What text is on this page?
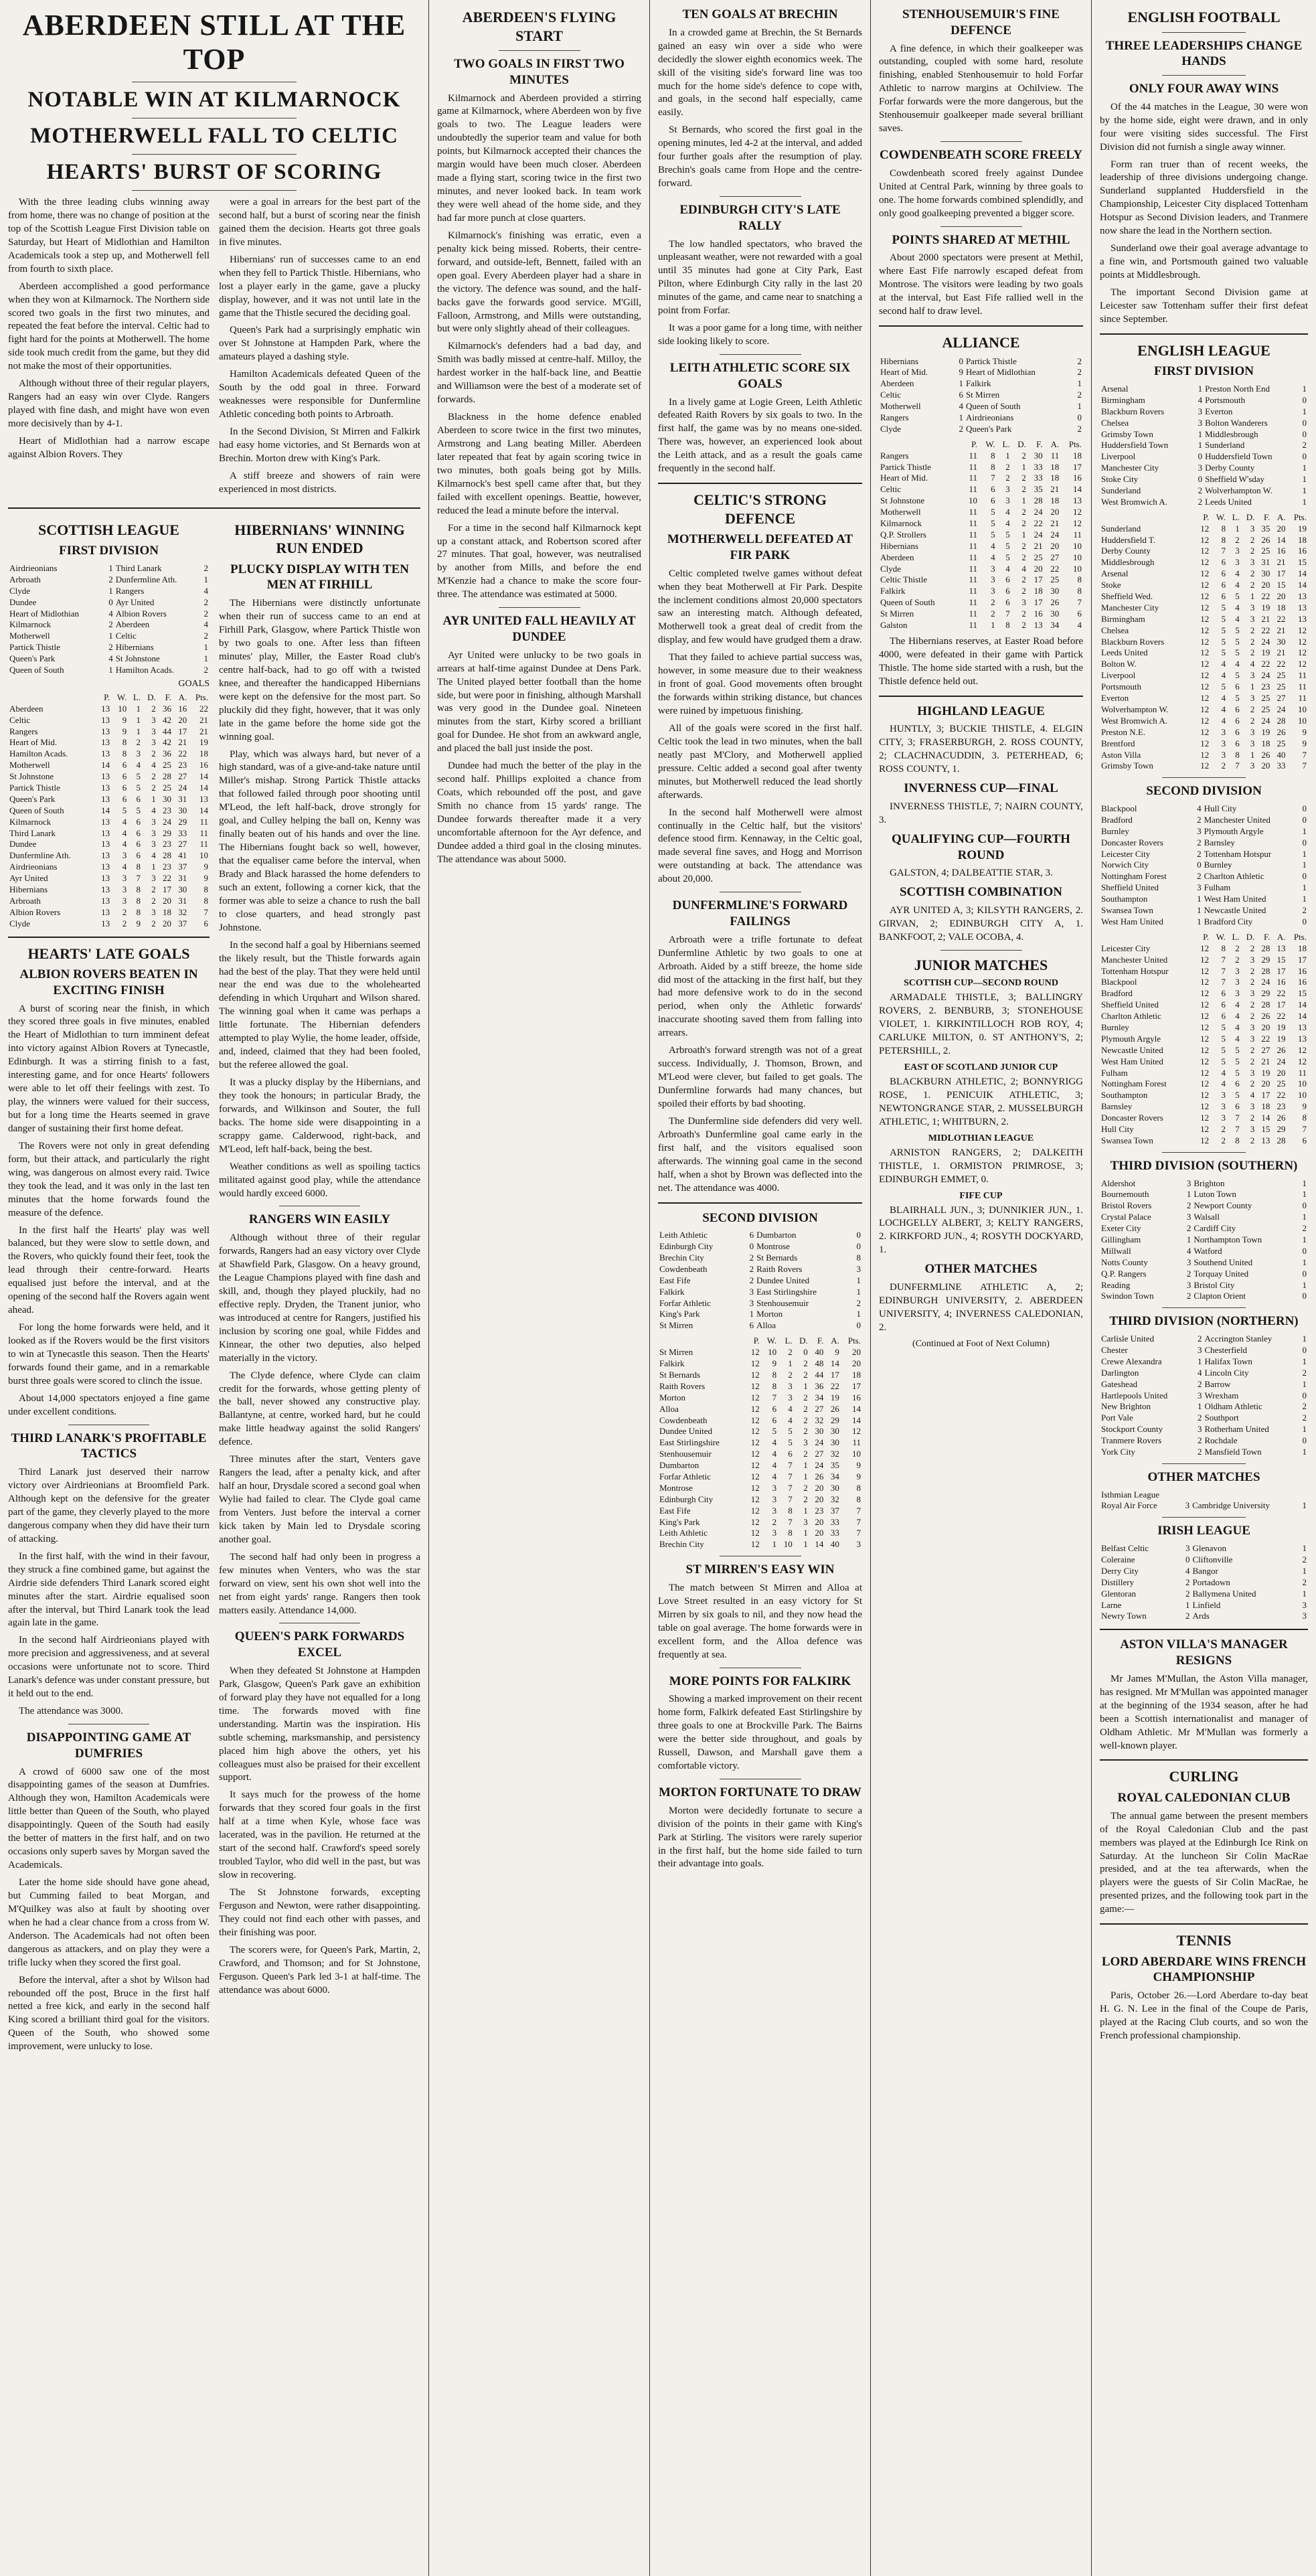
ABERDEEN STILL AT THE TOP
NOTABLE WIN AT KILMARNOCK
MOTHERWELL FALL TO CELTIC
HEARTS' BURST OF SCORING

With the three leading clubs winning away from home, there was no change of position at the top of the Scottish League First Division table on Saturday, but Heart of Midlothian and Hamilton Academicals took a step up, and Motherwell fell from fourth to sixth place.

Aberdeen accomplished a good performance when they won at Kilmarnock. The Northern side scored two goals in the first two minutes, and repeated the feat before the interval. Celtic had to fight hard for the points at Motherwell. The home side took much credit from the game, but they did not make the most of their opportunities.

Although without three of their regular players, Rangers had an easy win over Clyde. Rangers played with fine dash, and might have won even more decisively than by 4-1.

Heart of Midlothian had a narrow escape against Albion Rovers. They

were a goal in arrears for the best part of the second half, but a burst of scoring near the finish gained them the decision. Hearts got three goals in five minutes.

Hibernians' run of successes came to an end when they fell to Partick Thistle. Hibernians, who lost a player early in the game, gave a plucky display, however, and it was not until late in the game that the Thistle secured the deciding goal.

Queen's Park had a surprisingly emphatic win over St Johnstone at Hampden Park, where the amateurs played a dashing style.

Hamilton Academicals defeated Queen of the South by the odd goal in three. Forward weaknesses were responsible for Dunfermline Athletic conceding both points to Arbroath.

In the Second Division, St Mirren and Falkirk had easy home victories, and St Bernards won at Brechin. Morton drew with King's Park.

A stiff breeze and showers of rain were experienced in most districts.

SCOTTISH LEAGUE
FIRST DIVISION
Airdrieonians	1	Third Lanark	2
Arbroath	2	Dunfermline Ath.	1
Clyde	1	Rangers	4
Dundee	0	Ayr United	2
Heart of Midlothian	4	Albion Rovers	2
Kilmarnock	2	Aberdeen	4
Motherwell	1	Celtic	2
Partick Thistle	2	Hibernians	1
Queen's Park	4	St Johnstone	1
Queen of South	1	Hamilton Acads.	2
GOALS
	P.	W.	L.	D.	F.	A.	Pts.
Aberdeen	13	10	1	2	36	16	22
Celtic	13	9	1	3	42	20	21
Rangers	13	9	1	3	44	17	21
Heart of Mid.	13	8	2	3	42	21	19
Hamilton Acads.	13	8	3	2	36	22	18
Motherwell	14	6	4	4	25	23	16
St Johnstone	13	6	5	2	28	27	14
Partick Thistle	13	6	5	2	25	24	14
Queen's Park	13	6	6	1	30	31	13
Queen of South	14	5	5	4	23	30	14
Kilmarnock	13	4	6	3	24	29	11
Third Lanark	13	4	6	3	29	33	11
Dundee	13	4	6	3	23	27	11
Dunfermline Ath.	13	3	6	4	28	41	10
Airdrieonians	13	4	8	1	23	37	9
Ayr United	13	3	7	3	22	31	9
Hibernians	13	3	8	2	17	30	8
Arbroath	13	3	8	2	20	31	8
Albion Rovers	13	2	8	3	18	32	7
Clyde	13	2	9	2	20	37	6
HEARTS' LATE GOALS
ALBION ROVERS BEATEN IN EXCITING FINISH

A burst of scoring near the finish, in which they scored three goals in five minutes, enabled the Heart of Midlothian to turn imminent defeat into victory against Albion Rovers at Tynecastle, Edinburgh. It was a stirring finish to a fast, interesting game, and for once Hearts' followers were able to let off their feelings with zest. To play, the winners were valued for their success, but for a long time the Hearts seemed in grave danger of sustaining their first home defeat.

The Rovers were not only in great defending form, but their attack, and particularly the right wing, was dangerous on almost every raid. Twice they took the lead, and it was only in the last ten minutes that the home forwards found the measure of the defence.

In the first half the Hearts' play was well balanced, but they were slow to settle down, and the Rovers, who quickly found their feet, took the lead through their centre-forward. Hearts equalised just before the interval, and at the opening of the second half the Rovers again went ahead.

For long the home forwards were held, and it looked as if the Rovers would be the first visitors to win at Tynecastle this season. Then the Hearts' forwards found their game, and in a remarkable burst three goals were scored to clinch the issue.

About 14,000 spectators enjoyed a fine game under excellent conditions.

THIRD LANARK'S PROFITABLE TACTICS

Third Lanark just deserved their narrow victory over Airdrieonians at Broomfield Park. Although kept on the defensive for the greater part of the game, they cleverly played to the more dangerous company when they did have their turn of attacking.

In the first half, with the wind in their favour, they struck a fine combined game, but against the Airdrie side defenders Third Lanark scored eight minutes after the start. Airdrie equalised soon after the interval, but Third Lanark took the lead again late in the game.

In the second half Airdrieonians played with more precision and aggressiveness, and at several occasions were unfortunate not to score. Third Lanark's defence was under constant pressure, but it held out to the end.

The attendance was 3000.

DISAPPOINTING GAME AT DUMFRIES

A crowd of 6000 saw one of the most disappointing games of the season at Dumfries. Although they won, Hamilton Academicals were little better than Queen of the South, who played disappointingly. Queen of the South had easily the better of matters in the first half, and on two occasions only superb saves by Morgan saved the Academicals.

Later the home side should have gone ahead, but Cumming failed to beat Morgan, and M'Quilkey was also at fault by shooting over when he had a clear chance from a cross from W. Anderson. The Academicals had not often been dangerous as attackers, and on play they were a trifle lucky when they scored the first goal.

Before the interval, after a shot by Wilson had rebounded off the post, Bruce in the first half netted a free kick, and early in the second half King scored a brilliant third goal for the visitors. Queen of the South, who showed some improvement, were unlucky to lose.

HIBERNIANS' WINNING RUN ENDED
PLUCKY DISPLAY WITH TEN MEN AT FIRHILL

The Hibernians were distinctly unfortunate when their run of success came to an end at Firhill Park, Glasgow, where Partick Thistle won by two goals to one. After less than fifteen minutes' play, Miller, the Easter Road club's centre half-back, had to go off with a twisted knee, and thereafter the handicapped Hibernians were kept on the defensive for the most part. So pluckily did they fight, however, that it was only late in the game before the home side got the winning goal.

Play, which was always hard, but never of a high standard, was of a give-and-take nature until Miller's mishap. Strong Partick Thistle attacks that followed failed through poor shooting until M'Leod, the left half-back, drove strongly for goal, and Culley helping the ball on, Kenny was finally beaten out of his hands and over the line. The Hibernians fought back so well, however, that the equaliser came before the interval, when Brady and Black harassed the home defenders to such an extent, following a corner kick, that the former was able to seize a chance to rush the ball to close quarters, and head strongly past Johnstone.

In the second half a goal by Hibernians seemed the likely result, but the Thistle forwards again had the best of the play. That they were held until near the end was due to the wholehearted defending in which Urquhart and Wilson shared. The winning goal when it came was perhaps a little fortunate. The Hibernian defenders attempted to play Wylie, the home leader, offside, and, indeed, claimed that they had been fooled, but the referee allowed the goal.

It was a plucky display by the Hibernians, and they took the honours; in particular Brady, the forwards, and Wilkinson and Souter, the full backs. The home side were disappointing in a scrappy game. Calderwood, right-back, and M'Leod, left half-back, being the best.

Weather conditions as well as spoiling tactics militated against good play, while the attendance would hardly exceed 6000.

RANGERS WIN EASILY

Although without three of their regular forwards, Rangers had an easy victory over Clyde at Shawfield Park, Glasgow. On a heavy ground, the League Champions played with fine dash and skill, and, though they played pluckily, had no effective reply. Dryden, the Tranent junior, who was introduced at centre for Rangers, justified his inclusion by scoring one goal, while Fiddes and Kinnear, the other two deputies, also helped materially in the victory.

The Clyde defence, where Clyde can claim credit for the forwards, whose getting plenty of the ball, never showed any constructive play. Ballantyne, at centre, worked hard, but he could make little headway against the solid Rangers' defence.

Three minutes after the start, Venters gave Rangers the lead, after a penalty kick, and after half an hour, Drysdale scored a second goal when Wylie had failed to clear. The Clyde goal came from Venters. Just before the interval a corner kick taken by Main led to Drysdale scoring another goal.

The second half had only been in progress a few minutes when Venters, who was the star forward on view, sent his own shot well into the net from eight yards' range. Rangers then took matters easily. Attendance 14,000.

QUEEN'S PARK FORWARDS EXCEL

When they defeated St Johnstone at Hampden Park, Glasgow, Queen's Park gave an exhibition of forward play they have not equalled for a long time. The forwards moved with fine understanding. Martin was the inspiration. His subtle scheming, marksmanship, and persistency placed him high above the others, yet his colleagues must also be praised for their excellent support.

It says much for the prowess of the home forwards that they scored four goals in the first half at a time when Kyle, whose face was lacerated, was in the pavilion. He returned at the start of the second half. Crawford's speed sorely troubled Taylor, who did well in the past, but was slow in recovering.

The St Johnstone forwards, excepting Ferguson and Newton, were rather disappointing. They could not find each other with passes, and their finishing was poor.

The scorers were, for Queen's Park, Martin, 2, Crawford, and Thomson; and for St Johnstone, Ferguson. Queen's Park led 3-1 at half-time. The attendance was about 6000.

ABERDEEN'S FLYING START
TWO GOALS IN FIRST TWO MINUTES

Kilmarnock and Aberdeen provided a stirring game at Kilmarnock, where Aberdeen won by five goals to two. The League leaders were undoubtedly the superior team and value for both points, but Kilmarnock accepted their chances the margin would have been much closer. Aberdeen made a flying start, scoring twice in the first two minutes, and never looked back. In team work they were well ahead of the home side, and they had far more punch at close quarters.

Kilmarnock's finishing was erratic, even a penalty kick being missed. Roberts, their centre-forward, and outside-left, Bennett, failed with an open goal. Every Aberdeen player had a share in the victory. The defence was sound, and the half-backs gave the forwards good service. M'Gill, Falloon, Armstrong, and Mills were outstanding, but were only slightly ahead of their colleagues.

Kilmarnock's defenders had a bad day, and Smith was badly missed at centre-half. Milloy, the hardest worker in the half-back line, and Beattie and Williamson were the best of a moderate set of forwards.

Blackness in the home defence enabled Aberdeen to score twice in the first two minutes, Armstrong and Lang beating Miller. Aberdeen later repeated that feat by again scoring twice in two minutes, both goals being got by Mills. Kilmarnock's best spell came after that, but they failed with excellent openings. Beattie, however, reduced the lead a minute before the interval.

For a time in the second half Kilmarnock kept up a constant attack, and Robertson scored after 27 minutes. That goal, however, was neutralised by another from Mills, and before the end M'Kenzie had a chance to make the score four-three. The attendance was estimated at 5000.

AYR UNITED FALL HEAVILY AT DUNDEE

Ayr United were unlucky to be two goals in arrears at half-time against Dundee at Dens Park. The United played better football than the home side, but were poor in finishing, although Marshall was very good in the Dundee goal. Nineteen minutes from the start, Kirby scored a brilliant goal for Dundee. He shot from an awkward angle, and placed the ball just inside the post.

Dundee had much the better of the play in the second half. Phillips exploited a chance from Coats, which rebounded off the post, and gave Smith no chance from 15 yards' range. The Dundee forwards thereafter made it a very uncomfortable afternoon for the Ayr defence, and Dundee added a third goal in the closing minutes. The attendance was about 5000.

TEN GOALS AT BRECHIN

In a crowded game at Brechin, the St Bernards gained an easy win over a side who were decidedly the slower eighth economics week. The skill of the visiting side's forward line was too much for the home side's defence to cope with, and goals, in the second half especially, came easily.

St Bernards, who scored the first goal in the opening minutes, led 4-2 at the interval, and added four further goals after the resumption of play. Brechin's goals came from Hope and the centre-forward.

EDINBURGH CITY'S LATE RALLY

The low handled spectators, who braved the unpleasant weather, were not rewarded with a goal until 35 minutes had gone at City Park, East Pilton, where Edinburgh City rally in the last 20 minutes of the game, and came near to snatching a point from Forfar.

It was a poor game for a long time, with neither side looking likely to score.

LEITH ATHLETIC SCORE SIX GOALS

In a lively game at Logie Green, Leith Athletic defeated Raith Rovers by six goals to two. In the first half, the game was by no means one-sided. There was, however, an experienced look about the Leith attack, and as a result the goals came frequently in the second half.

CELTIC'S STRONG DEFENCE
MOTHERWELL DEFEATED AT FIR PARK

Celtic completed twelve games without defeat when they beat Motherwell at Fir Park. Despite the inclement conditions almost 20,000 spectators saw an interesting match. Although defeated, Motherwell took a great deal of credit from the display, and few would have grudged them a draw.

That they failed to achieve partial success was, however, in some measure due to their weakness in front of goal. Good movements often brought the forwards within striking distance, but chances were ruined by impetuous finishing.

All of the goals were scored in the first half. Celtic took the lead in two minutes, when the ball neatly past M'Clory, and Motherwell applied pressure. Celtic added a second goal after twenty minutes, but Motherwell reduced the lead shortly afterwards.

In the second half Motherwell were almost continually in the Celtic half, but the visitors' defence stood firm. Kennaway, in the Celtic goal, made several fine saves, and Hogg and Morrison were outstanding at back. The attendance was about 20,000.

DUNFERMLINE'S FORWARD FAILINGS

Arbroath were a trifle fortunate to defeat Dunfermline Athletic by two goals to one at Arbroath. Aided by a stiff breeze, the home side did most of the attacking in the first half, but they had more defensive work to do in the second period, when only the Athletic forwards' inaccurate shooting saved them from falling into arrears.

Arbroath's forward strength was not of a great success. Individually, J. Thomson, Brown, and M'Leod were clever, but failed to get goals. The Dunfermline forwards had many chances, but spoiled their efforts by bad shooting.

The Dunfermline side defenders did very well. Arbroath's Dunfermline goal came early in the first half, and the visitors equalised soon afterwards. The winning goal came in the second half, when a shot by Brown was deflected into the net. The attendance was 4000.

SECOND DIVISION
Leith Athletic	6	Dumbarton	0
Edinburgh City	0	Montrose	0
Brechin City	2	St Bernards	8
Cowdenbeath	2	Raith Rovers	3
East Fife	2	Dundee United	1
Falkirk	3	East Stirlingshire	1
Forfar Athletic	3	Stenhousemuir	2
King's Park	1	Morton	1
St Mirren	6	Alloa	0
	P.	W.	L.	D.	F.	A.	Pts.
St Mirren	12	10	2	0	40	9	20
Falkirk	12	9	1	2	48	14	20
St Bernards	12	8	2	2	44	17	18
Raith Rovers	12	8	3	1	36	22	17
Morton	12	7	3	2	34	19	16
Alloa	12	6	4	2	27	26	14
Cowdenbeath	12	6	4	2	32	29	14
Dundee United	12	5	5	2	30	30	12
East Stirlingshire	12	4	5	3	24	30	11
Stenhousemuir	12	4	6	2	27	32	10
Dumbarton	12	4	7	1	24	35	9
Forfar Athletic	12	4	7	1	26	34	9
Montrose	12	3	7	2	20	30	8
Edinburgh City	12	3	7	2	20	32	8
East Fife	12	3	8	1	23	37	7
King's Park	12	2	7	3	20	33	7
Leith Athletic	12	3	8	1	20	33	7
Brechin City	12	1	10	1	14	40	3
ST MIRREN'S EASY WIN

The match between St Mirren and Alloa at Love Street resulted in an easy victory for St Mirren by six goals to nil, and they now head the table on goal average. The home forwards were in excellent form, and the Alloa defence was frequently at sea.

MORE POINTS FOR FALKIRK

Showing a marked improvement on their recent home form, Falkirk defeated East Stirlingshire by three goals to one at Brockville Park. The Bairns were the better side throughout, and goals by Russell, Dawson, and Marshall gave them a comfortable victory.

MORTON FORTUNATE TO DRAW

Morton were decidedly fortunate to secure a division of the points in their game with King's Park at Stirling. The visitors were rarely superior in the first half, but the home side failed to turn their advantage into goals.

STENHOUSEMUIR'S FINE DEFENCE

A fine defence, in which their goalkeeper was outstanding, coupled with some hard, resolute finishing, enabled Stenhousemuir to hold Forfar Athletic to narrow margins at Ochilview. The Forfar forwards were the more dangerous, but the Stenhousemuir goalkeeper made several brilliant saves.

COWDENBEATH SCORE FREELY

Cowdenbeath scored freely against Dundee United at Central Park, winning by three goals to one. The home forwards combined splendidly, and only good goalkeeping prevented a bigger score.

POINTS SHARED AT METHIL

About 2000 spectators were present at Methil, where East Fife narrowly escaped defeat from Montrose. The visitors were leading by two goals at the interval, but East Fife rallied well in the second half to draw level.

ALLIANCE
Hibernians	0	Partick Thistle	2
Heart of Mid.	9	Heart of Midlothian	2
Aberdeen	1	Falkirk	1
Celtic	6	St Mirren	2
Motherwell	4	Queen of South	1
Rangers	1	Airdrieonians	0
Clyde	2	Queen's Park	2
	P.	W.	L.	D.	F.	A.	Pts.
Rangers	11	8	1	2	30	11	18
Partick Thistle	11	8	2	1	33	18	17
Heart of Mid.	11	7	2	2	33	18	16
Celtic	11	6	3	2	35	21	14
St Johnstone	10	6	3	1	28	18	13
Motherwell	11	5	4	2	24	20	12
Kilmarnock	11	5	4	2	22	21	12
Q.P. Strollers	11	5	5	1	24	24	11
Hibernians	11	4	5	2	21	20	10
Aberdeen	11	4	5	2	25	27	10
Clyde	11	3	4	4	20	22	10
Celtic Thistle	11	3	6	2	17	25	8
Falkirk	11	3	6	2	18	30	8
Queen of South	11	2	6	3	17	26	7
St Mirren	11	2	7	2	16	30	6
Galston	11	1	8	2	13	34	4

The Hibernians reserves, at Easter Road before 4000, were defeated in their game with Partick Thistle. The home side started with a rush, but the Thistle defence held out.

HIGHLAND LEAGUE

HUNTLY, 3; BUCKIE THISTLE, 4. ELGIN CITY, 3; FRASERBURGH, 2. ROSS COUNTY, 2; CLACHNACUDDIN, 3. PETERHEAD, 6; ROSS COUNTY, 1.

INVERNESS CUP—FINAL

INVERNESS THISTLE, 7; NAIRN COUNTY, 3.

QUALIFYING CUP—FOURTH ROUND

GALSTON, 4; DALBEATTIE STAR, 3.

SCOTTISH COMBINATION

AYR UNITED A, 3; KILSYTH RANGERS, 2. GIRVAN, 2; EDINBURGH CITY A, 1. BANKFOOT, 2; VALE OCOBA, 4.

JUNIOR MATCHES
SCOTTISH CUP—SECOND ROUND

ARMADALE THISTLE, 3; BALLINGRY ROVERS, 2. BENBURB, 3; STONEHOUSE VIOLET, 1. KIRKINTILLOCH ROB ROY, 4; CARLUKE MILTON, 0. ST ANTHONY'S, 2; PETERSHILL, 2.

EAST OF SCOTLAND JUNIOR CUP

BLACKBURN ATHLETIC, 2; BONNYRIGG ROSE, 1. PENICUIK ATHLETIC, 3; NEWTONGRANGE STAR, 2. MUSSELBURGH ATHLETIC, 1; WHITBURN, 2.

MIDLOTHIAN LEAGUE

ARNISTON RANGERS, 2; DALKEITH THISTLE, 1. ORMISTON PRIMROSE, 3; EDINBURGH EMMET, 0.

FIFE CUP

BLAIRHALL JUN., 3; DUNNIKIER JUN., 1. LOCHGELLY ALBERT, 3; KELTY RANGERS, 2. KIRKFORD JUN., 4; ROSYTH DOCKYARD, 1.

OTHER MATCHES

DUNFERMLINE ATHLETIC A, 2; EDINBURGH UNIVERSITY, 2. ABERDEEN UNIVERSITY, 4; INVERNESS CALEDONIAN, 2.

(Continued at Foot of Next Column)
ENGLISH FOOTBALL
THREE LEADERSHIPS CHANGE HANDS
ONLY FOUR AWAY WINS

Of the 44 matches in the League, 30 were won by the home side, eight were drawn, and in only four were visiting sides successful. The First Division did not furnish a single away winner.

Form ran truer than of recent weeks, the leadership of three divisions undergoing change. Sunderland supplanted Huddersfield in the Championship, Leicester City displaced Tottenham Hotspur as Second Division leaders, and Tranmere now share the lead in the Northern section.

Sunderland owe their goal average advantage to a fine win, and Portsmouth gained two valuable points at Middlesbrough.

The important Second Division game at Leicester saw Tottenham suffer their first defeat since September.

ENGLISH LEAGUE
FIRST DIVISION
Arsenal	1	Preston North End	1
Birmingham	4	Portsmouth	0
Blackburn Rovers	3	Everton	1
Chelsea	3	Bolton Wanderers	0
Grimsby Town	1	Middlesbrough	0
Huddersfield Town	1	Sunderland	2
Liverpool	0	Huddersfield Town	0
Manchester City	3	Derby County	1
Stoke City	0	Sheffield W'sday	1
Sunderland	2	Wolverhampton W.	1
West Bromwich A.	2	Leeds United	1
	P.	W.	L.	D.	F.	A.	Pts.
Sunderland	12	8	1	3	35	20	19
Huddersfield T.	12	8	2	2	26	14	18
Derby County	12	7	3	2	25	16	16
Middlesbrough	12	6	3	3	31	21	15
Arsenal	12	6	4	2	30	17	14
Stoke	12	6	4	2	20	15	14
Sheffield Wed.	12	6	5	1	22	20	13
Manchester City	12	5	4	3	19	18	13
Birmingham	12	5	4	3	21	22	13
Chelsea	12	5	5	2	22	21	12
Blackburn Rovers	12	5	5	2	24	30	12
Leeds United	12	5	5	2	19	21	12
Bolton W.	12	4	4	4	22	22	12
Liverpool	12	4	5	3	24	25	11
Portsmouth	12	5	6	1	23	25	11
Everton	12	4	5	3	25	27	11
Wolverhampton W.	12	4	6	2	25	24	10
West Bromwich A.	12	4	6	2	24	28	10
Preston N.E.	12	3	6	3	19	26	9
Brentford	12	3	6	3	18	25	9
Aston Villa	12	3	8	1	26	40	7
Grimsby Town	12	2	7	3	20	33	7
SECOND DIVISION
Blackpool	4	Hull City	0
Bradford	2	Manchester United	0
Burnley	3	Plymouth Argyle	1
Doncaster Rovers	2	Barnsley	0
Leicester City	2	Tottenham Hotspur	1
Norwich City	0	Burnley	1
Nottingham Forest	2	Charlton Athletic	0
Sheffield United	3	Fulham	1
Southampton	1	West Ham United	1
Swansea Town	1	Newcastle United	2
West Ham United	1	Bradford City	0
	P.	W.	L.	D.	F.	A.	Pts.
Leicester City	12	8	2	2	28	13	18
Manchester United	12	7	2	3	29	15	17
Tottenham Hotspur	12	7	3	2	28	17	16
Blackpool	12	7	3	2	24	16	16
Bradford	12	6	3	3	29	22	15
Sheffield United	12	6	4	2	28	17	14
Charlton Athletic	12	6	4	2	26	22	14
Burnley	12	5	4	3	20	19	13
Plymouth Argyle	12	5	4	3	22	19	13
Newcastle United	12	5	5	2	27	26	12
West Ham United	12	5	5	2	21	24	12
Fulham	12	4	5	3	19	20	11
Nottingham Forest	12	4	6	2	20	25	10
Southampton	12	3	5	4	17	22	10
Barnsley	12	3	6	3	18	23	9
Doncaster Rovers	12	3	7	2	14	26	8
Hull City	12	2	7	3	15	29	7
Swansea Town	12	2	8	2	13	28	6
THIRD DIVISION (SOUTHERN)
Aldershot	3	Brighton	1
Bournemouth	1	Luton Town	1
Bristol Rovers	2	Newport County	0
Crystal Palace	3	Walsall	1
Exeter City	2	Cardiff City	2
Gillingham	1	Northampton Town	1
Millwall	4	Watford	0
Notts County	3	Southend United	1
Q.P. Rangers	2	Torquay United	0
Reading	3	Bristol City	1
Swindon Town	2	Clapton Orient	0
THIRD DIVISION (NORTHERN)
Carlisle United	2	Accrington Stanley	1
Chester	3	Chesterfield	0
Crewe Alexandra	1	Halifax Town	1
Darlington	4	Lincoln City	2
Gateshead	2	Barrow	1
Hartlepools United	3	Wrexham	0
New Brighton	1	Oldham Athletic	2
Port Vale	2	Southport	2
Stockport County	3	Rotherham United	1
Tranmere Rovers	2	Rochdale	0
York City	2	Mansfield Town	1
OTHER MATCHES
Isthmian League			
Royal Air Force	3	Cambridge University	1
IRISH LEAGUE
Belfast Celtic	3	Glenavon	1
Coleraine	0	Cliftonville	2
Derry City	4	Bangor	1
Distillery	2	Portadown	2
Glentoran	2	Ballymena United	1
Larne	1	Linfield	3
Newry Town	2	Ards	3
ASTON VILLA'S MANAGER RESIGNS

Mr James M'Mullan, the Aston Villa manager, has resigned. Mr M'Mullan was appointed manager at the beginning of the 1934 season, after he had been a Scottish internationalist and manager of Oldham Athletic. Mr M'Mullan was formerly a well-known player.

CURLING
ROYAL CALEDONIAN CLUB

The annual game between the present members of the Royal Caledonian Club and the past members was played at the Edinburgh Ice Rink on Saturday. At the luncheon Sir Colin MacRae presided, and at the tea afterwards, when the players were the guests of Sir Colin MacRae, he presented prizes, and the following took part in the game:—

TENNIS
LORD ABERDARE WINS FRENCH CHAMPIONSHIP

Paris, October 26.—Lord Aberdare to-day beat H. G. N. Lee in the final of the Coupe de Paris, played at the Racing Club courts, and so won the French professional championship.
